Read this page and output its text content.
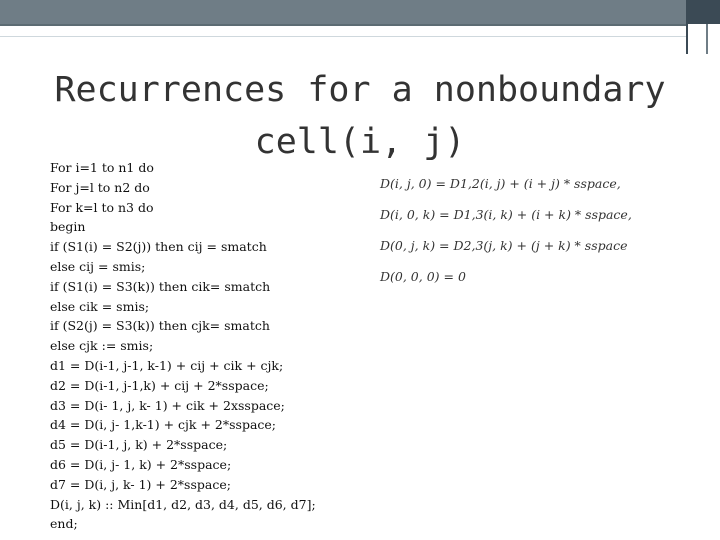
Recurrences for a nonboundary
cell(i, j)
For i=1 to n1 do
For j=l to n2 do
For k=l to n3 do
begin
if (S1(i) = S2(j)) then cij = smatch
else cij = smis;
if (S1(i) = S3(k)) then cik= smatch
else cik = smis;
if (S2(j) = S3(k)) then cjk= smatch
else cjk := smis;
d1 = D(i-1, j-1, k-1) + cij + cik + cjk;
d2 = D(i-1, j-1,k) + cij + 2*sspace;
d3 = D(i- 1, j, k- 1) + cik + 2xsspace;
d4 = D(i, j- 1,k-1) + cjk + 2*sspace;
d5 = D(i-1, j, k) + 2*sspace;
d6 = D(i, j- 1, k) + 2*sspace;
d7 = D(i, j, k- 1) + 2*sspace;
D(i, j, k) :: Min[d1, d2, d3, d4, d5, d6, d7];
end;
D(i, j, 0) = D1,2(i, j) + (i + j) * sspace,
D(i, 0, k) = D1,3(i, k) + (i + k) * sspace,
D(0, j, k) = D2,3(j, k) + (j + k) * sspace
D(0, 0, 0) = 0
